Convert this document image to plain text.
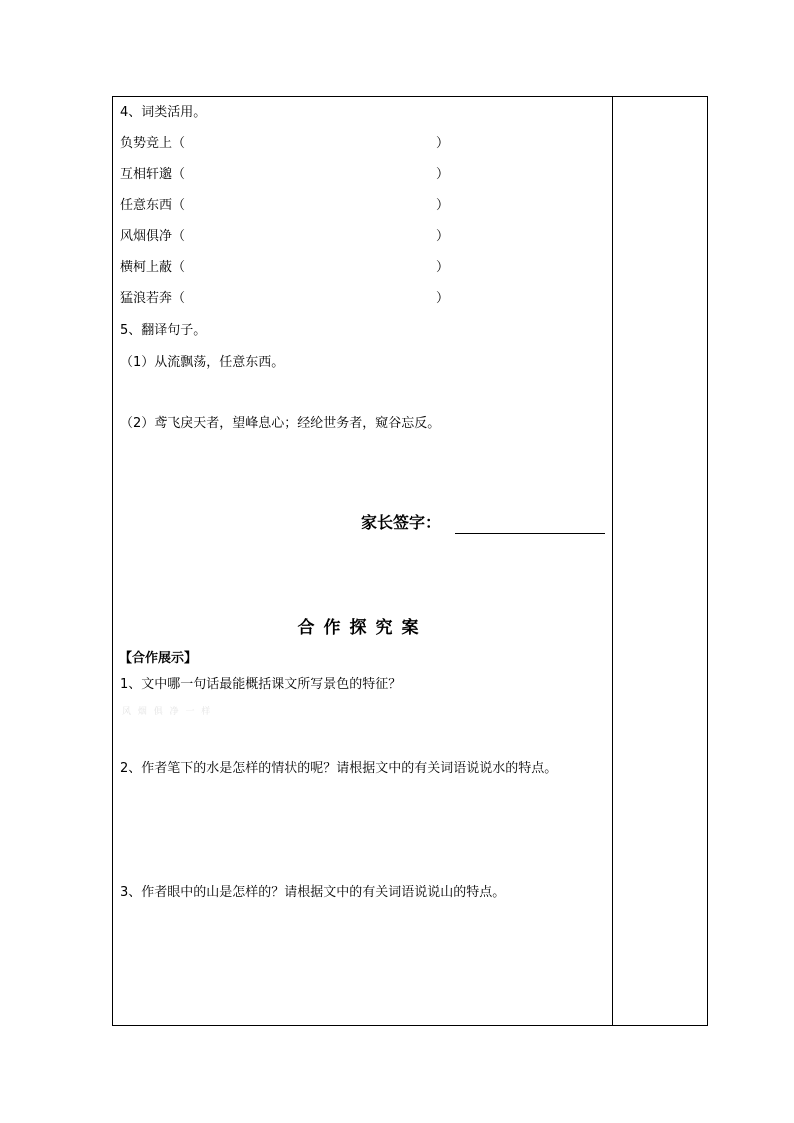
4、词类活用。
负势竞上（	）
互相轩邈（	）
任意东西（	）
风烟俱净（	）
横柯上蔽（	）
猛浪若奔（	）
5、翻译句子。
（1）从流飘荡，任意东西。
（2）鸢飞戾天者，望峰息心；经纶世务者，窥谷忘反。
家长签字：
合作探究案
【合作展示】
1、文中哪一句话最能概括课文所写景色的特征？
风 烟 俱 净 一 样
2、作者笔下的水是怎样的情状的呢？请根据文中的有关词语说说水的特点。
3、作者眼中的山是怎样的？请根据文中的有关词语说说山的特点。
